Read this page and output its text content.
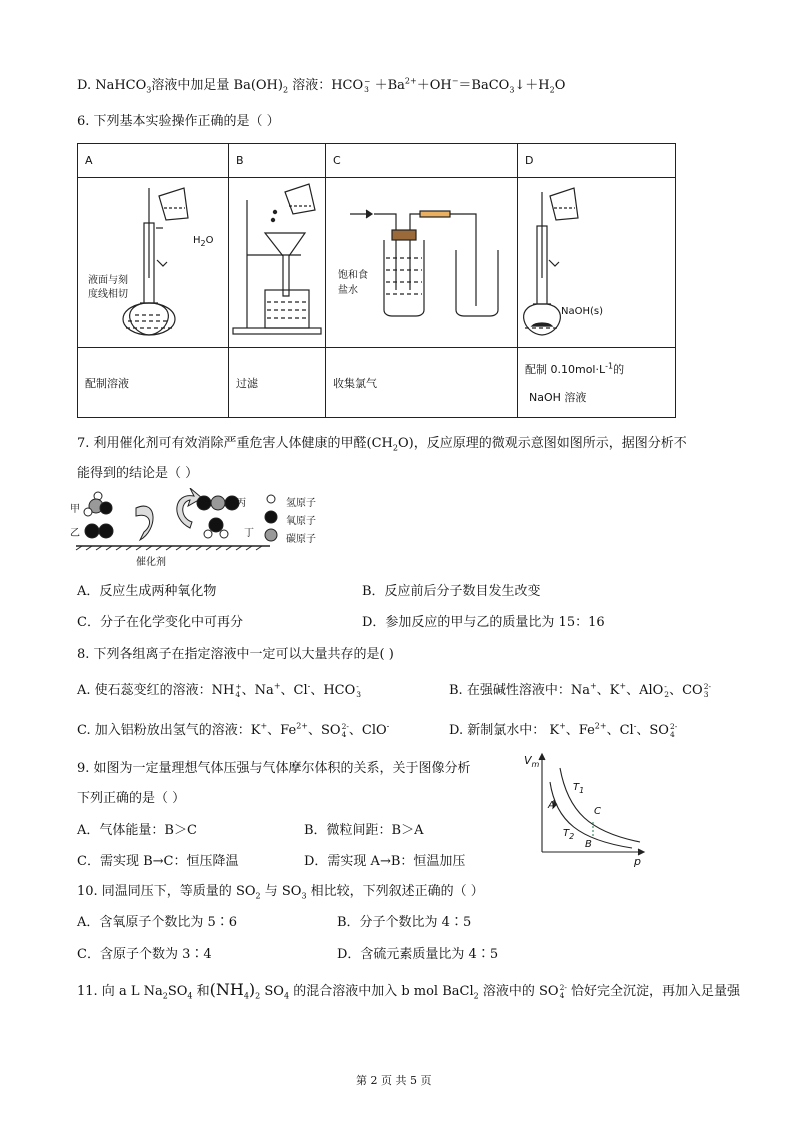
D. NaHCO$_3$溶液中加足量 $Ba(OH)_2$ 溶液：HCO −
$3 +Ba^{2+}+OH^-=BaCO_3↓+H_2O$
6. 下列基本实验操作正确的是（ ）
A	B	C	D

配制溶液	过滤	收集氯气	配制 $0.10mol\cdot L^{-1}$的
NaOH 溶液
$H_2O$
液面与刻
度线相切
饱和食
盐水
NaOH(s)
7. 利用催化剂可有效消除严重危害人体健康的甲醛$(CH_2O)$，反应原理的微观示意图如图所示，据图分析不
能得到的结论是（ ）
甲
乙
丙
丁
催化剂
氢原子
氧原子
碳原子
A．反应生成两种氧化物	B．反应前后分子数目发生改变
C．分子在化学变化中可再分	D．参加反应的甲与乙的质量比为 15：16
8. 下列各组离子在指定溶液中一定可以大量共存的是( )
A. 使石蕊变红的溶液：NH +
4 、Na+、Cl-、HCO -
3	B. 在强碱性溶液中：Na+、K+、AlO -
2 、CO 2-
3
C. 加入铝粉放出氢气的溶液：K+、$Fe^{2+}$、SO 2-
4 、ClO-	D. 新制氯水中： K+、$Fe^{2+}$、Cl-、SO 2-
4
9. 如图为一定量理想气体压强与气体摩尔体积的关系，关于图像分析
下列正确的是（ ）
A．气体能量：B＞C	B．微粒间距：B＞A
C．需实现 B→C：恒压降温	D．需实现 A→B：恒温加压
$V_m$
p
$T_1$
$T_2$
A
B
C
10. 同温同压下，等质量的 $SO_2$ 与 $SO_3$ 相比较，下列叙述正确的（ ）
A．含氧原子个数比为 5∶6	B．分子个数比为 4∶5
C．含原子个数为 3∶4	D．含硫元素质量比为 4∶5
11. 向 a L $Na_2SO_4$ 和$(NH_4)_2$ $SO_4$ 的混合溶液中加入 b mol BaCl$_2$ 溶液中的 SO 2-
4 恰好完全沉淀，再加入足量强
第 2 页 共 5 页
